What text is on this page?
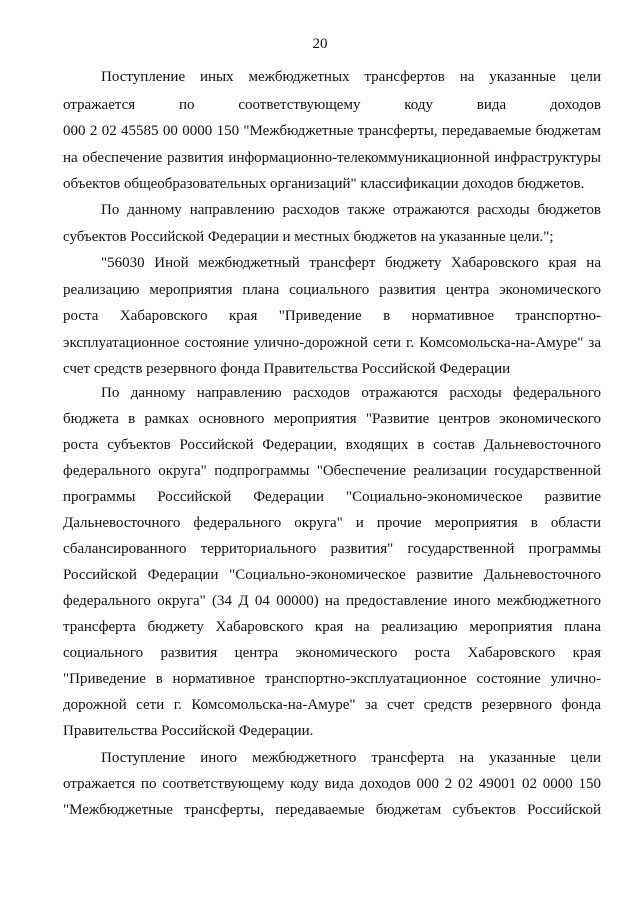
20
Поступление иных межбюджетных трансфертов на указанные цели
отражается по соответствующему коду вида доходов
000 2 02 45585 00 0000 150 "Межбюджетные трансферты, передаваемые бюджетам
на обеспечение развития информационно-телекоммуникационной инфраструктуры
объектов общеобразовательных организаций" классификации доходов бюджетов.
По данному направлению расходов также отражаются расходы бюджетов
субъектов Российской Федерации и местных бюджетов на указанные цели.";
"56030 Иной межбюджетный трансферт бюджету Хабаровского края на
реализацию мероприятия плана социального развития центра экономического
роста Хабаровского края "Приведение в нормативное транспортно-
эксплуатационное состояние улично-дорожной сети г. Комсомольска-на-Амуре" за
счет средств резервного фонда Правительства Российской Федерации
По данному направлению расходов отражаются расходы федерального
бюджета в рамках основного мероприятия "Развитие центров экономического
роста субъектов Российской Федерации, входящих в состав Дальневосточного
федерального округа" подпрограммы "Обеспечение реализации государственной
программы Российской Федерации "Социально-экономическое развитие
Дальневосточного федерального округа" и прочие мероприятия в области
сбалансированного территориального развития" государственной программы
Российской Федерации "Социально-экономическое развитие Дальневосточного
федерального округа" (34 Д 04 00000) на предоставление иного межбюджетного
трансферта бюджету Хабаровского края на реализацию мероприятия плана
социального развития центра экономического роста Хабаровского края
"Приведение в нормативное транспортно-эксплуатационное состояние улично-
дорожной сети г. Комсомольска-на-Амуре" за счет средств резервного фонда
Правительства Российской Федерации.
Поступление иного межбюджетного трансферта на указанные цели
отражается по соответствующему коду вида доходов 000 2 02 49001 02 0000 150
"Межбюджетные трансферты, передаваемые бюджетам субъектов Российской
